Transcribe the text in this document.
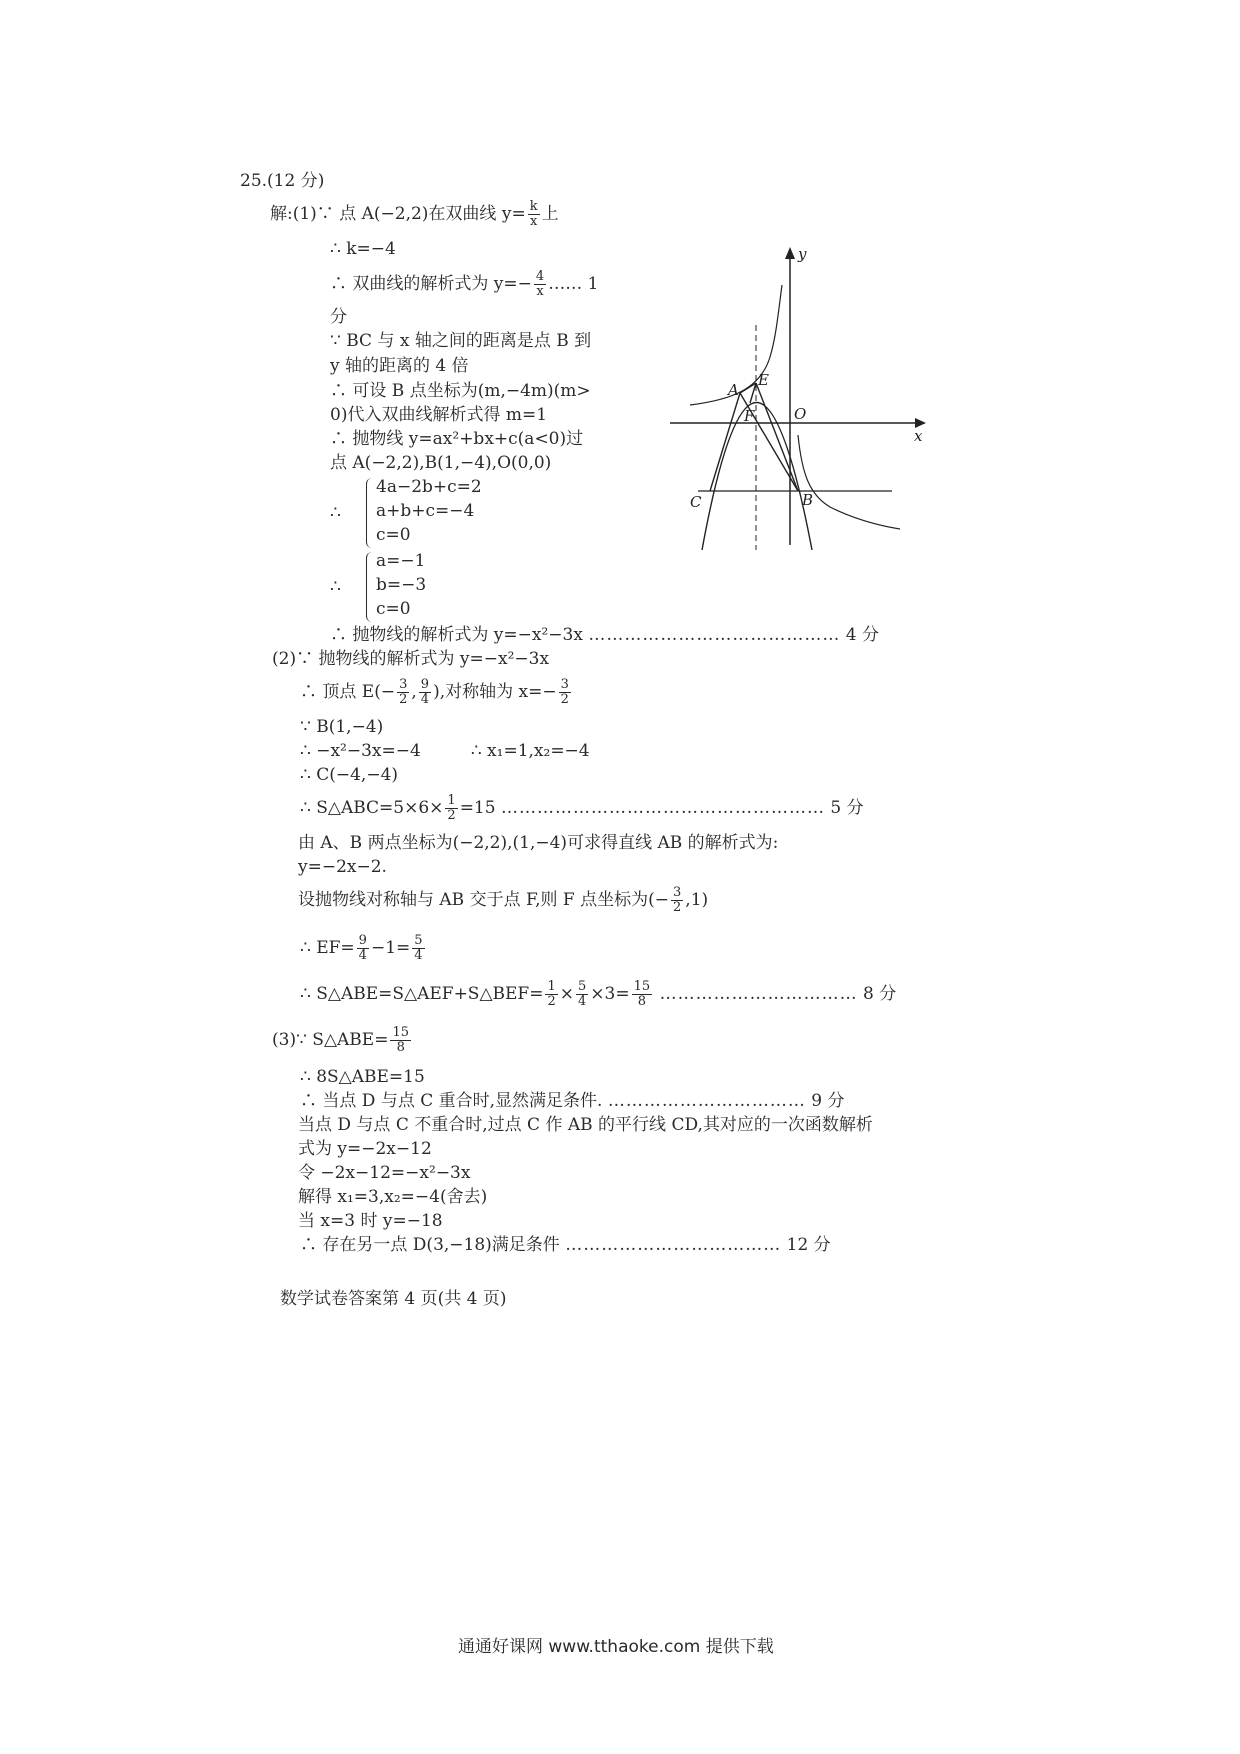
25.(12 分)
解:(1)∵ 点 A(−2,2)在双曲线 $y= \frac{k}{x}$ 上
∴ k=−4
∴ 双曲线的解析式为 $y=- \frac{4}{x}$ …… 1
分
∵ BC 与 x 轴之间的距离是点 B 到
y 轴的距离的 4 倍
∴ 可设 B 点坐标为(m,−4m)(m>
0)代入双曲线解析式得 m=1
∴ 抛物线 y=ax²+bx+c(a<0)过
点 A(−2,2),B(1,−4),O(0,0)
∴
4a−2b+c=2
a+b+c=−4
c=0
∴
a=−1
b=−3
c=0
∴ 抛物线的解析式为 y=−x²−3x …………………………………… 4 分
(2)∵ 抛物线的解析式为 y=−x²−3x
∴ 顶点 $E(- \frac{3}{2}$ , $\frac{9}{4}$ ),对称轴为 $x=- \frac{3}{2}$
∵ B(1,−4)
∴ −x²−3x=−4	∴ x₁=1,x₂=−4
∴ C(−4,−4)
∴ S△ABC=5×6× $\frac{1}{2} =15$ ……………………………………………… 5 分
由 A、B 两点坐标为(−2,2),(1,−4)可求得直线 AB 的解析式为:
y=−2x−2.
设抛物线对称轴与 AB 交于点 F,则 F 点坐标为(− $\frac{3}{2} ,1$)
∴ $EF= \frac{9}{4} -1= \frac{5}{4}$
∴ S△ABE=S△AEF+S△BEF= $\frac{1}{2} \times \frac{5}{4} \times 3= \frac{15}{8}$ …………………………… 8 分
(3)∵ S△ABE= $\frac{15}{8}$
∴ 8S△ABE=15
∴ 当点 D 与点 C 重合时,显然满足条件. …………………………… 9 分
当点 D 与点 C 不重合时,过点 C 作 AB 的平行线 CD,其对应的一次函数解析
式为 y=−2x−12
令 −2x−12=−x²−3x
解得 x₁=3,x₂=−4(舍去)
当 x=3 时 y=−18
∴ 存在另一点 D(3,−18)满足条件 ……………………………… 12 分
y
x
A
E
F	O
C	B
数学试卷答案第 4 页(共 4 页)
通通好课网 www.tthaoke.com 提供下载
